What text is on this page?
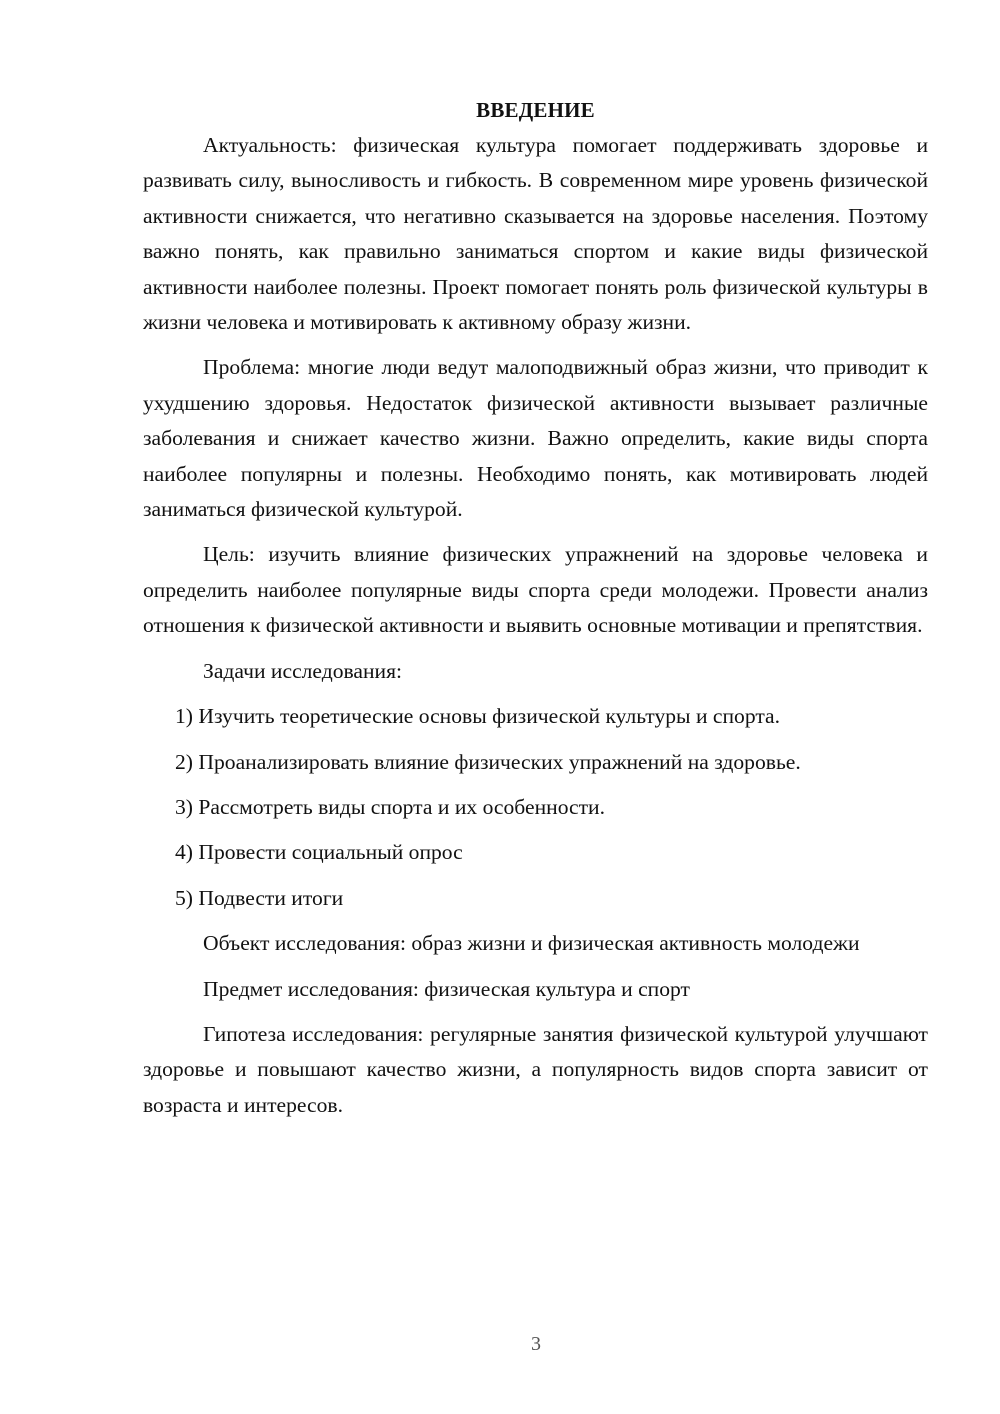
ВВЕДЕНИЕ

Актуальность: физическая культура помогает поддерживать здоровье и развивать силу, выносливость и гибкость. В современном мире уровень физической активности снижается, что негативно сказывается на здоровье населения. Поэтому важно понять, как правильно заниматься спортом и какие виды физической активности наиболее полезны. Проект помогает понять роль физической культуры в жизни человека и мотивировать к активному образу жизни.

Проблема: многие люди ведут малоподвижный образ жизни, что приводит к ухудшению здоровья. Недостаток физической активности вызывает различные заболевания и снижает качество жизни. Важно определить, какие виды спорта наиболее популярны и полезны. Необходимо понять, как мотивировать людей заниматься физической культурой.

Цель: изучить влияние физических упражнений на здоровье человека и определить наиболее популярные виды спорта среди молодежи. Провести анализ отношения к физической активности и выявить основные мотивации и препятствия.

Задачи исследования:

1) Изучить теоретические основы физической культуры и спорта.
2) Проанализировать влияние физических упражнений на здоровье.
3) Рассмотреть виды спорта и их особенности.
4) Провести социальный опрос
5) Подвести итоги

Объект исследования: образ жизни и физическая активность молодежи

Предмет исследования: физическая культура и спорт

Гипотеза исследования: регулярные занятия физической культурой улучшают здоровье и повышают качество жизни, а популярность видов спорта зависит от возраста и интересов.

3
